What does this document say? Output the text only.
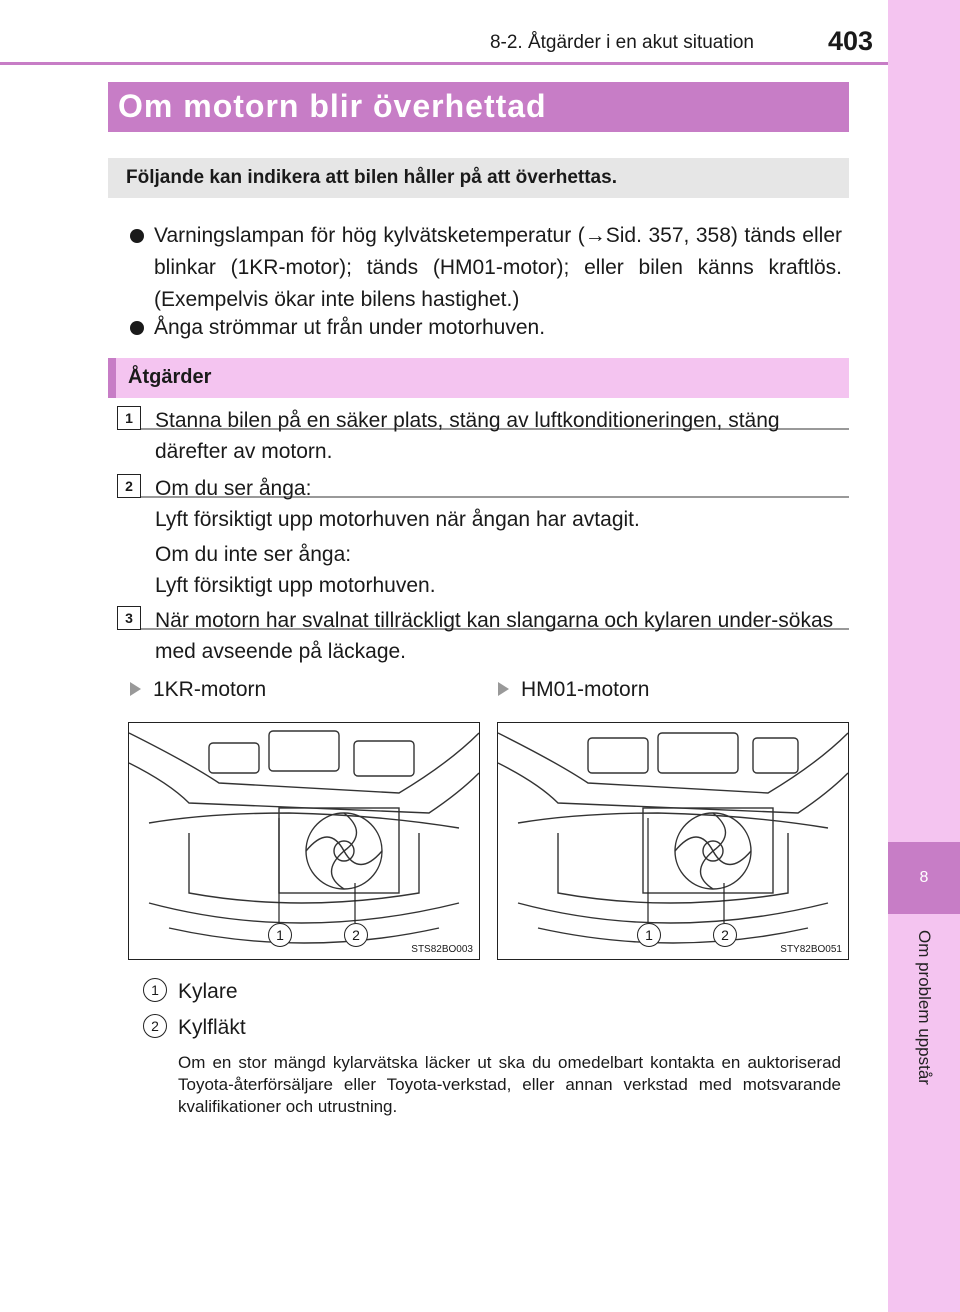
8
Om problem uppstår
8-2. Åtgärder i en akut situation	403
Om motorn blir överhettad
Följande kan indikera att bilen håller på att överhettas.
Varningslampan för hög kylvätsketemperatur (→Sid. 357, 358) tänds eller blinkar (1KR-motor); tänds (HM01-motor); eller bilen känns kraftlös. (Exempelvis ökar inte bilens hastighet.)
Ånga strömmar ut från under motorhuven.
Åtgärder
1	Stanna bilen på en säker plats, stäng av luftkonditioneringen, stäng därefter av motorn.
2	Om du ser ånga:
Lyft försiktigt upp motorhuven när ångan har avtagit.
Om du inte ser ånga:
Lyft försiktigt upp motorhuven.
3	När motorn har svalnat tillräckligt kan slangarna och kylaren under-sökas med avseende på läckage.
1KR-motorn	HM01-motorn
1	2
STS82BO003
1	2
STY82BO051
1 Kylare
2 Kylfläkt
Om en stor mängd kylarvätska läcker ut ska du omedelbart kontakta en auktoriserad Toyota-återförsäljare eller Toyota-verkstad, eller annan verkstad med motsvarande kvalifikationer och utrustning.
